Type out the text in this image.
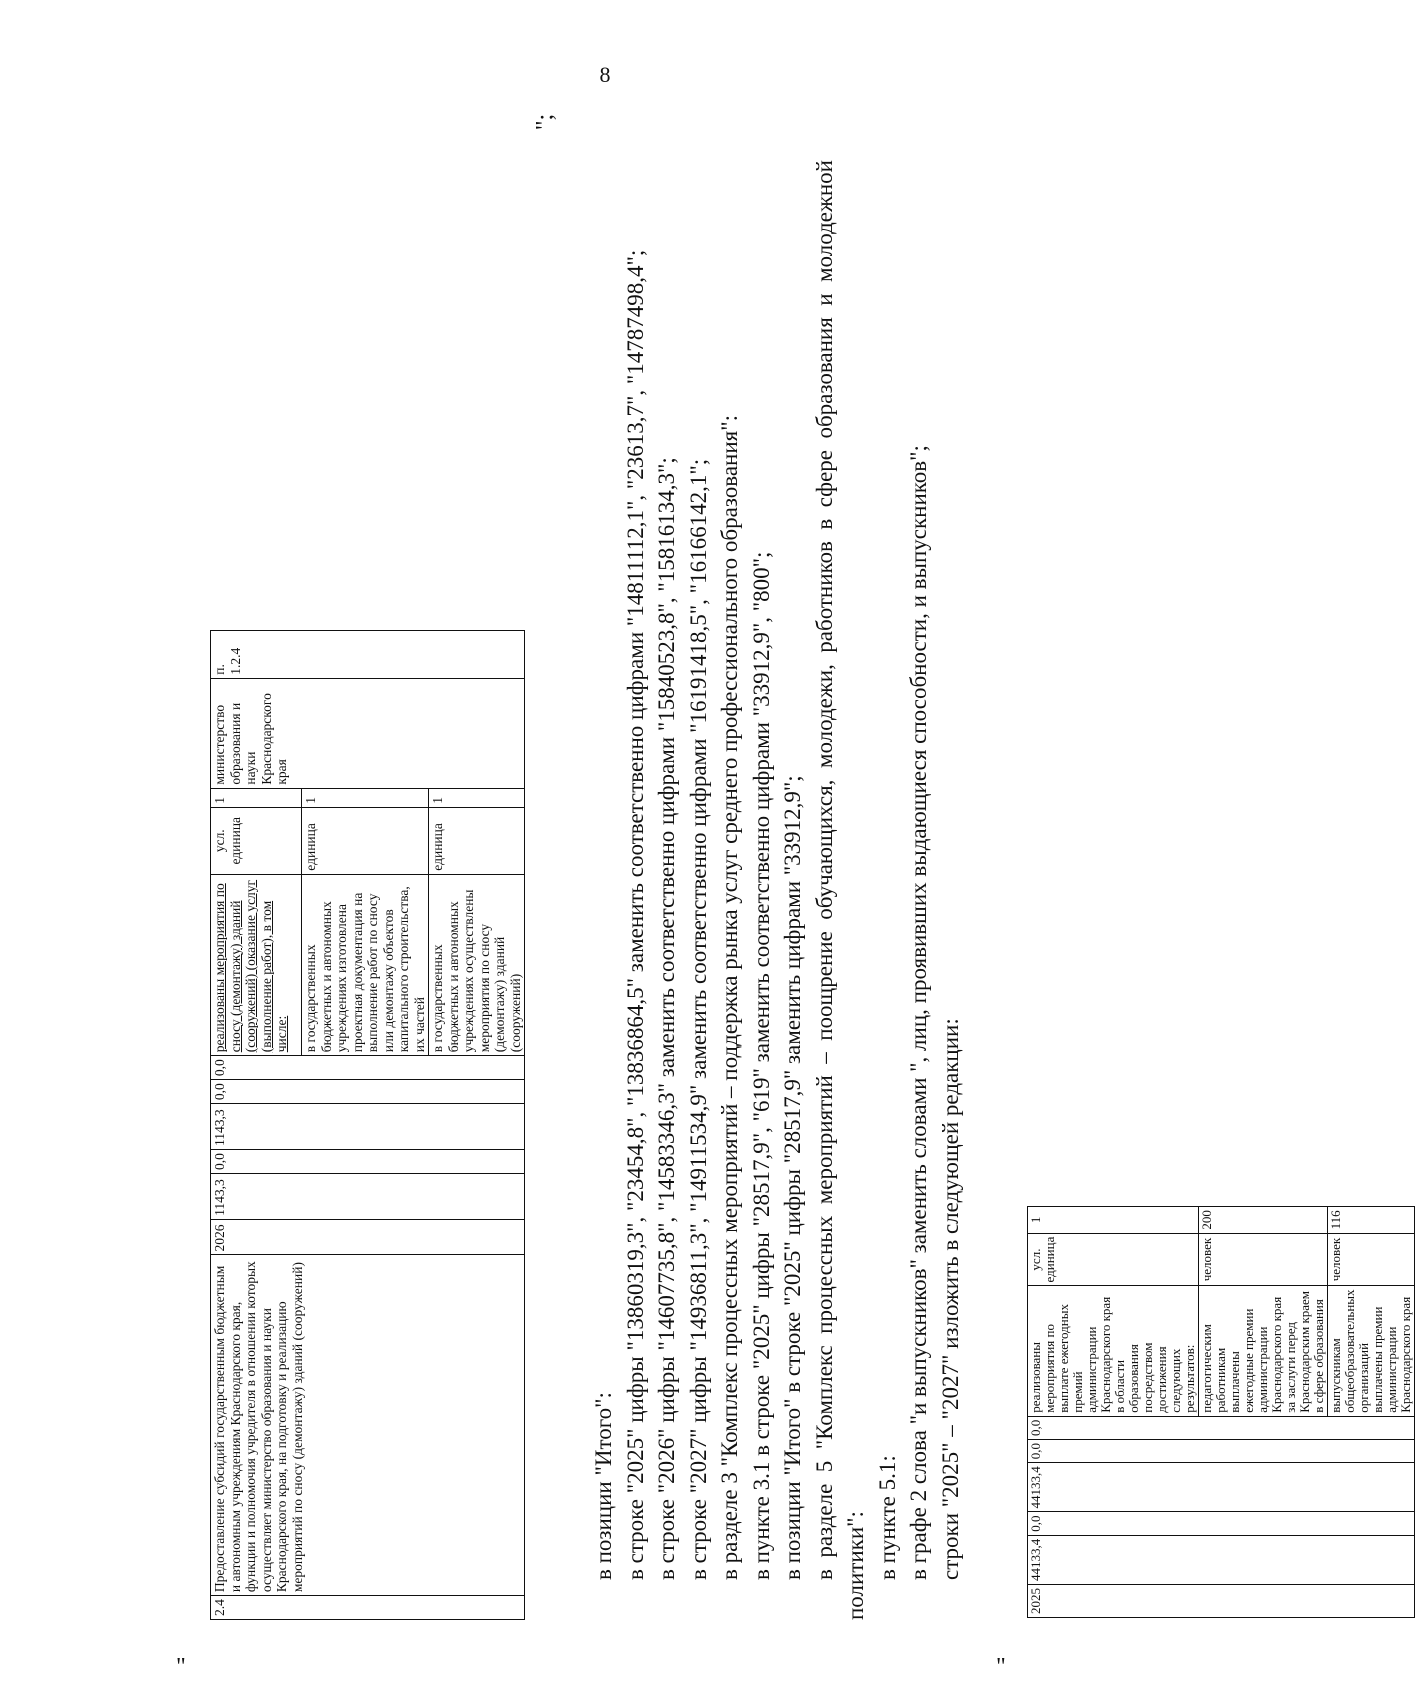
8
"
2.4	Предоставление субсидий государственным бюджетным и автономным учреждениям Краснодарского края, функции и полномочия учредителя в отношении которых осуществляет министерство образования и науки Краснодарского края, на подготовку и реализацию мероприятий по сносу (демонтажу) зданий (сооружений)	2026	1143,3	0,0	1143,3	0,0	0,0	реализованы мероприятия по сносу (демонтажу) зданий (сооружений) (оказание услуг (выполнение работ), в том числе:	усл. единица	1	министерство образования и науки Краснодарского края	п. 1.2.4
								в государственных бюджетных и автономных учреждениях изготовлена проектная документация на выполнение работ по сносу или демонтажу объектов капитального строительства, их частей	единица	1		
								в государственных бюджетных и автономных учреждениях осуществлены мероприятия по сносу (демонтажу) зданий (сооружений)	единица	1		
";

в позиции "Итого": в строке "2025" цифры "13860319,3", "23454,8", "13836864,5" заменить соответственно цифрами "14811112,1", "23613,7", "14787498,4"; в строке "2026" цифры "14607735,8", "14583346,3" заменить соответственно цифрами "15840523,8", "15816134,3"; в строке "2027" цифры "14936811,3", "14911534,9" заменить соответственно цифрами "16191418,5", "16166142,1"; в разделе 3 "Комплекс процессных мероприятий – поддержка рынка услуг среднего профессионального образования": в пункте 3.1 в строке "2025" цифры "28517,9", "619" заменить соответственно цифрами "33912,9", "800"; в позиции "Итого" в строке "2025" цифры "28517,9" заменить цифрами "33912,9"; в разделе 5 "Комплекс процессных мероприятий – поощрение обучающихся, молодежи, работников в сфере образования и молодежной политики": в пункте 5.1: в графе 2 слова "и выпускников" заменить словами ", лиц, проявивших выдающиеся способности, и выпускников"; строки "2025" – "2027" изложить в следующей редакции:

"
2025	44133,4	0,0	44133,4	0,0	0,0	реализованы мероприятия по выплате ежегодных премий администрации Краснодарского края в области образования посредством достижения следующих результатов:	усл. единица	1
						педагогическим работникам выплачены ежегодные премии администрации Краснодарского края за заслуги перед Краснодарским краем в сфере образования	человек	200
						выпускникам общеобразовательных организаций выплачены премии администрации Краснодарского края	человек	116
